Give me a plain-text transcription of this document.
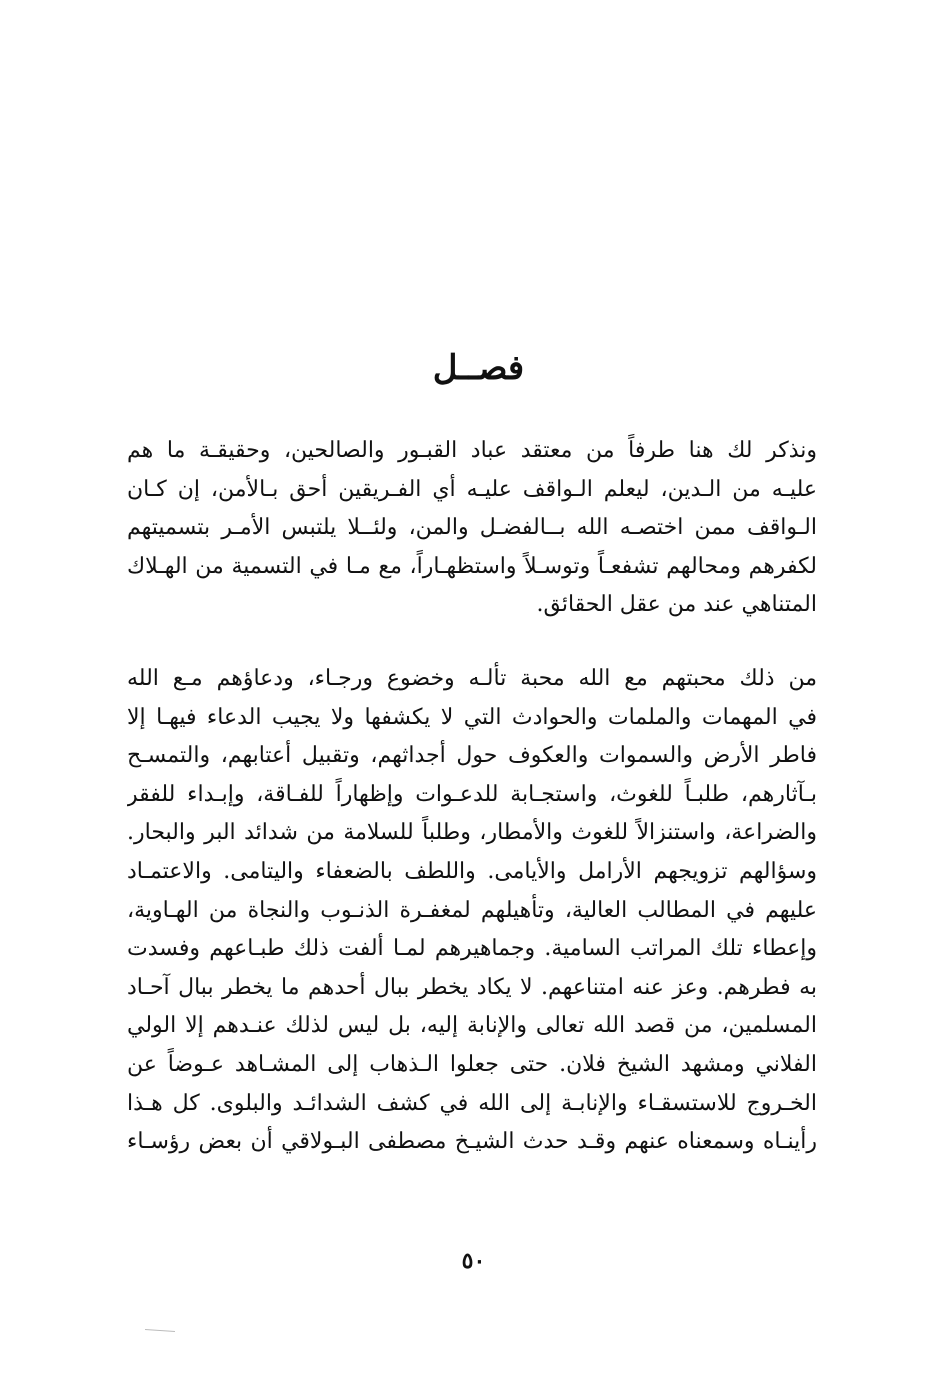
فصــل
ونذكر لك هنا طرفاً من معتقد عباد القبـور والصالحين، وحقيقـة ما هم
عليـه من الـدين، ليعلم الـواقف عليـه أي الفـريقين أحق بـالأمن، إن كـان
الـواقف ممن اختصـه الله بــالفضـل والمن، ولئــلا يلتبس الأمـر بتسميتهم
لكفرهم ومحالهم تشفعـاً وتوسـلاً واستظهـاراً، مع مـا في التسمية من الهـلاك
المتناهي عند من عقل الحقائق.
من ذلك محبتهم مع الله محبة تألـه وخضوع ورجـاء، ودعاؤهم مـع الله
في المهمات والملمات والحوادث التي لا يكشفها ولا يجيب الدعاء فيهـا إلا
فاطر الأرض والسموات والعكوف حول أجداثهم، وتقبيل أعتابهم، والتمسـح
بـآثارهم، طلبـاً للغوث، واستجـابة للدعـوات وإظهاراً للفـاقة، وإبـداء للفقر
والضراعة، واستنزالاً للغوث والأمطار، وطلباً للسلامة من شدائد البر والبحار.
وسؤالهم تزويجهم الأرامل والأيامى. واللطف بالضعفاء واليتامى. والاعتمـاد
عليهم في المطالب العالية، وتأهيلهم لمغفـرة الذنـوب والنجاة من الهـاوية،
وإعطاء تلك المراتب السامية. وجماهيرهم لمـا ألفت ذلك طبـاعهم وفسدت
به فطرهم. وعز عنه امتناعهم. لا يكاد يخطر ببال أحدهم ما يخطر ببال آحـاد
المسلمين، من قصد الله تعالى والإنابة إليه، بل ليس لذلك عنـدهم إلا الولي
الفلاني ومشهد الشيخ فلان. حتى جعلوا الـذهاب إلى المشـاهد عـوضاً عن
الخـروج للاستسقـاء والإنابـة إلى الله في كشف الشدائـد والبلوى. كل هـذا
رأينـاه وسمعناه عنهم وقـد حدث الشيـخ مصطفى البـولاقي أن بعض رؤسـاء
٥٠
